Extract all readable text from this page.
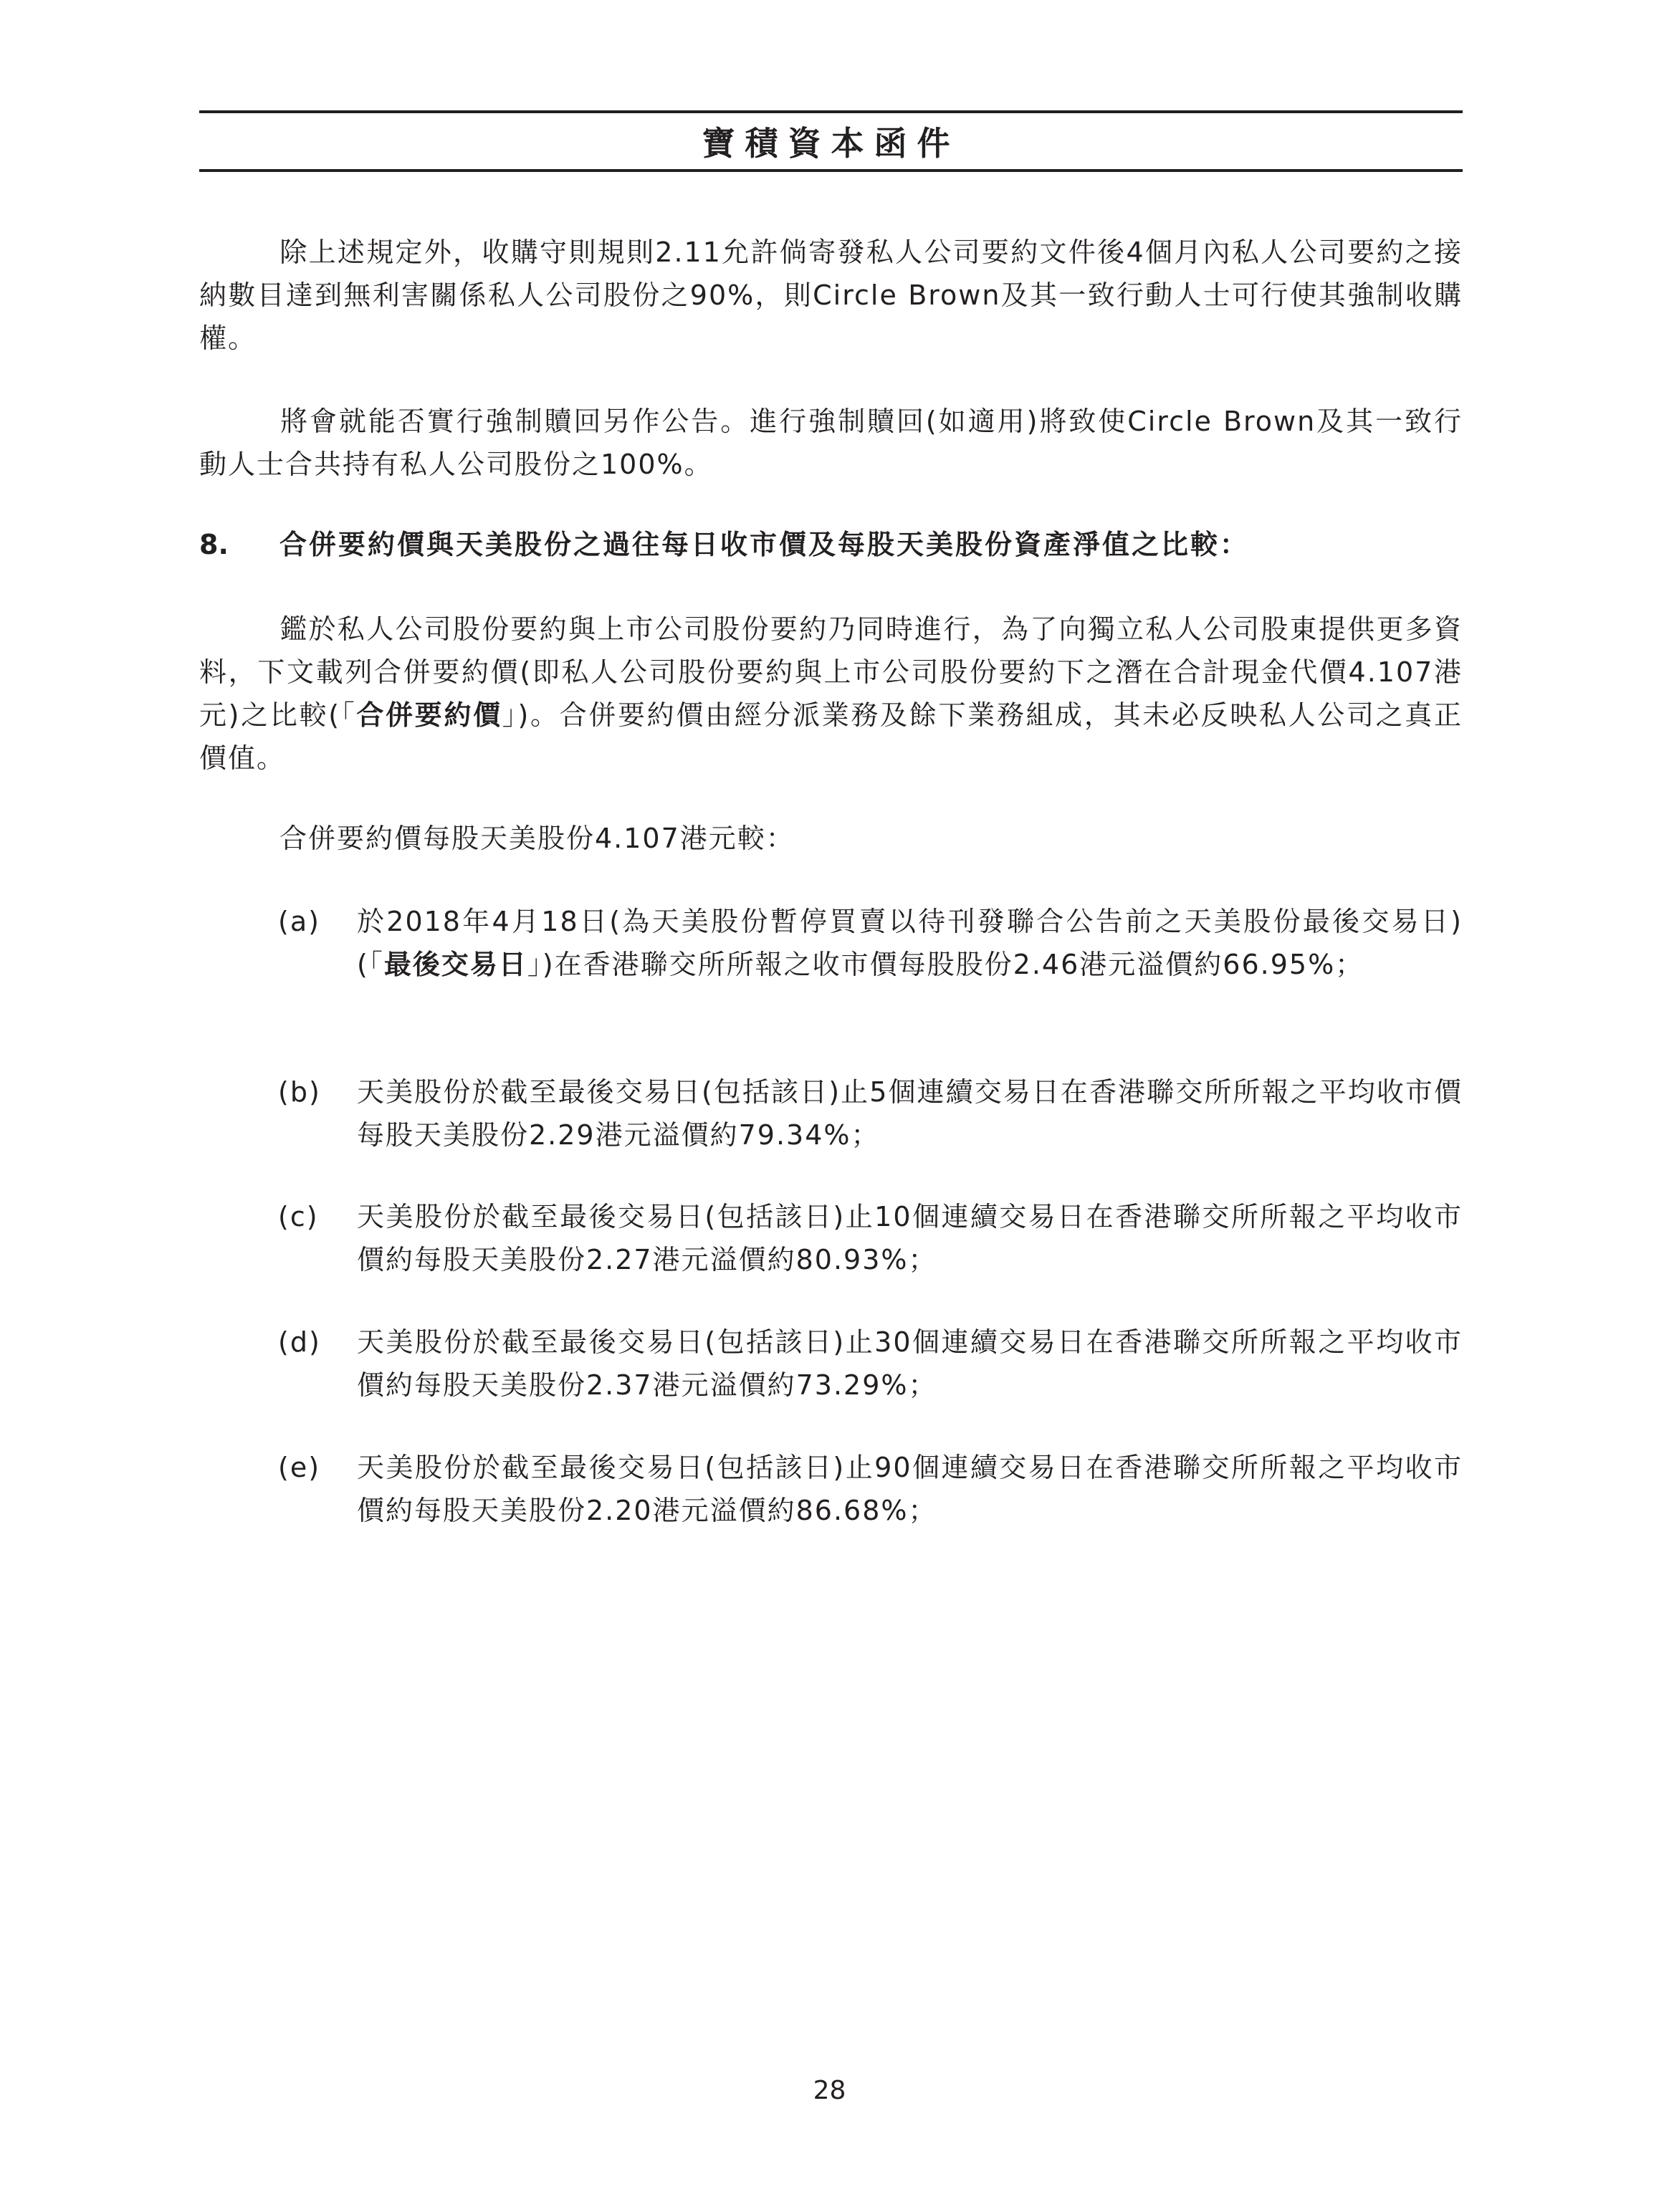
寶積資本函件

除上述規定外，收購守則規則2.11允許倘寄發私人公司要約文件後4個月內私人公司要約之接納數目達到無利害關係私人公司股份之90%，則Circle Brown及其一致行動人士可行使其強制收購權。

將會就能否實行強制贖回另作公告。進行強制贖回(如適用)將致使Circle Brown及其一致行動人士合共持有私人公司股份之100%。

8. 合併要約價與天美股份之過往每日收市價及每股天美股份資產淨值之比較：

鑑於私人公司股份要約與上市公司股份要約乃同時進行，為了向獨立私人公司股東提供更多資料，下文載列合併要約價(即私人公司股份要約與上市公司股份要約下之潛在合計現金代價4.107港元)之比較(「合併要約價」)。合併要約價由經分派業務及餘下業務組成，其未必反映私人公司之真正價值。

合併要約價每股天美股份4.107港元較：

(a)	於2018年4月18日(為天美股份暫停買賣以待刊發聯合公告前之天美股份最後交易日)(「最後交易日」)在香港聯交所所報之收市價每股股份2.46港元溢價約66.95%；
(b)	天美股份於截至最後交易日(包括該日)止5個連續交易日在香港聯交所所報之平均收市價每股天美股份2.29港元溢價約79.34%；
(c)	天美股份於截至最後交易日(包括該日)止10個連續交易日在香港聯交所所報之平均收市價約每股天美股份2.27港元溢價約80.93%；
(d)	天美股份於截至最後交易日(包括該日)止30個連續交易日在香港聯交所所報之平均收市價約每股天美股份2.37港元溢價約73.29%；
(e)	天美股份於截至最後交易日(包括該日)止90個連續交易日在香港聯交所所報之平均收市價約每股天美股份2.20港元溢價約86.68%；
28
